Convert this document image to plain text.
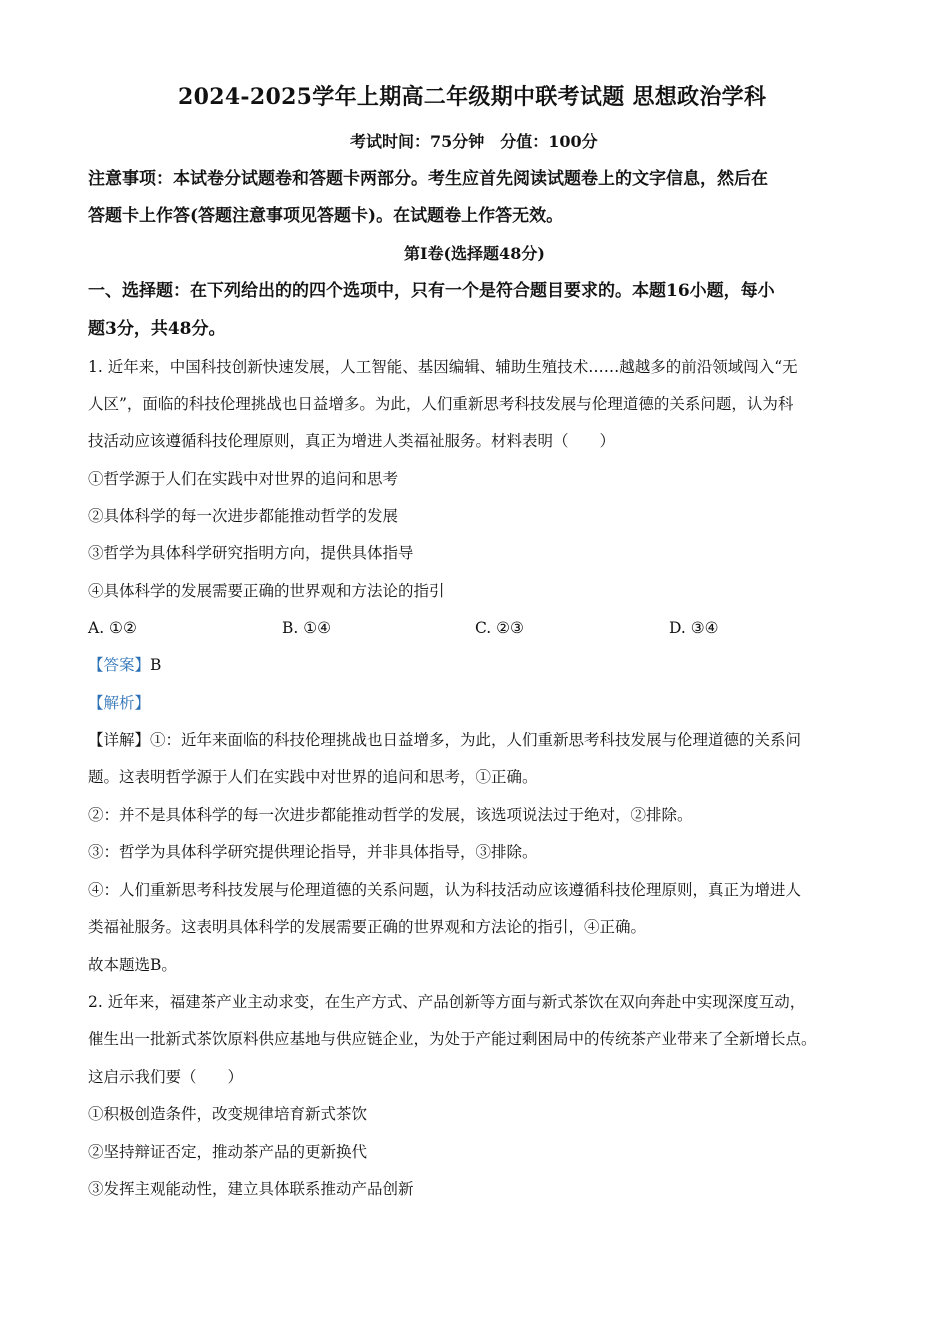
2024-2025学年上期高二年级期中联考试题 思想政治学科
考试时间：75分钟　分值：100分
注意事项：本试卷分试题卷和答题卡两部分。考生应首先阅读试题卷上的文字信息，然后在
答题卡上作答(答题注意事项见答题卡)。在试题卷上作答无效。
第Ⅰ卷(选择题48分)
一、选择题：在下列给出的的四个选项中，只有一个是符合题目要求的。本题16小题，每小
题3分，共48分。
1. 近年来，中国科技创新快速发展，人工智能、基因编辑、辅助生殖技术……越越多的前沿领域闯入“无
人区”，面临的科技伦理挑战也日益增多。为此，人们重新思考科技发展与伦理道德的关系问题，认为科
技活动应该遵循科技伦理原则，真正为增进人类福祉服务。材料表明（　　）
①哲学源于人们在实践中对世界的追问和思考
②具体科学的每一次进步都能推动哲学的发展
③哲学为具体科学研究指明方向，提供具体指导
④具体科学的发展需要正确的世界观和方法论的指引
A. ①②	B. ①④	C. ②③	D. ③④
【答案】B
【解析】
【详解】①：近年来面临的科技伦理挑战也日益增多，为此，人们重新思考科技发展与伦理道德的关系问
题。这表明哲学源于人们在实践中对世界的追问和思考，①正确。
②：并不是具体科学的每一次进步都能推动哲学的发展，该选项说法过于绝对，②排除。
③：哲学为具体科学研究提供理论指导，并非具体指导，③排除。
④：人们重新思考科技发展与伦理道德的关系问题，认为科技活动应该遵循科技伦理原则，真正为增进人
类福祉服务。这表明具体科学的发展需要正确的世界观和方法论的指引，④正确。
故本题选B。
2. 近年来，福建茶产业主动求变，在生产方式、产品创新等方面与新式茶饮在双向奔赴中实现深度互动，
催生出一批新式茶饮原料供应基地与供应链企业，为处于产能过剩困局中的传统茶产业带来了全新增长点。
这启示我们要（　　）
①积极创造条件，改变规律培育新式茶饮
②坚持辩证否定，推动茶产品的更新换代
③发挥主观能动性，建立具体联系推动产品创新
